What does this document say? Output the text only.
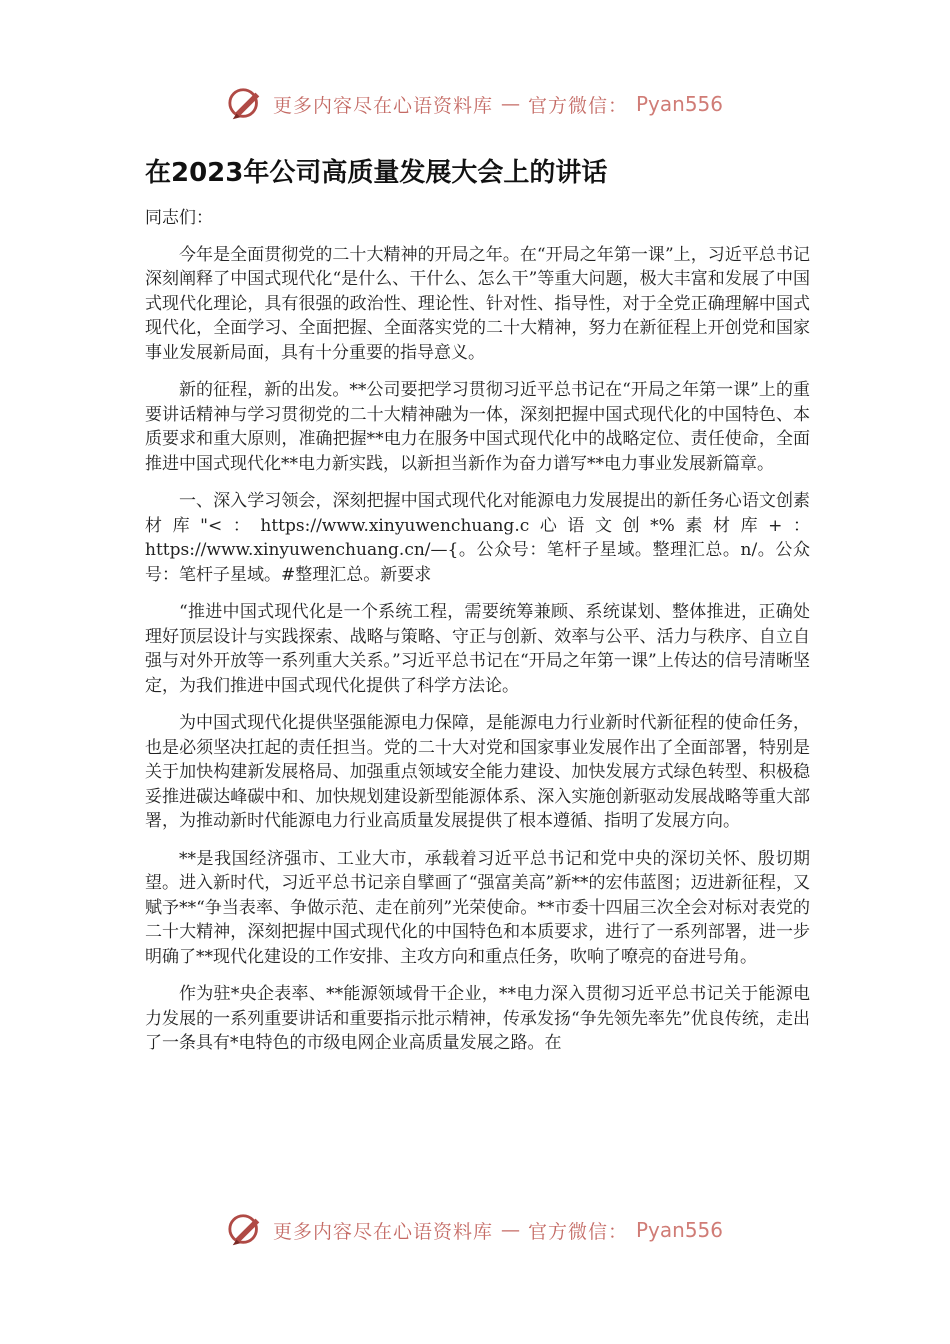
更多内容尽在心语资料库 — 官方微信： Pyan556
在2023年公司高质量发展大会上的讲话

同志们：

今年是全面贯彻党的二十大精神的开局之年。在“开局之年第一课”上，习近平总书记深刻阐释了中国式现代化“是什么、干什么、怎么干”等重大问题，极大丰富和发展了中国式现代化理论，具有很强的政治性、理论性、针对性、指导性，对于全党正确理解中国式现代化，全面学习、全面把握、全面落实党的二十大精神，努力在新征程上开创党和国家事业发展新局面，具有十分重要的指导意义。

新的征程，新的出发。**公司要把学习贯彻习近平总书记在“开局之年第一课”上的重要讲话精神与学习贯彻党的二十大精神融为一体，深刻把握中国式现代化的中国特色、本质要求和重大原则，准确把握**电力在服务中国式现代化中的战略定位、责任使命，全面推进中国式现代化**电力新实践，以新担当新作为奋力谱写**电力事业发展新篇章。

一、深入学习领会，深刻把握中国式现代化对能源电力发展提出的新任务心语文创素材库"<：https://www.xinyuwenchuang.c心语文创*%素材库+：https://www.xinyuwenchuang.cn/—{。公众号：笔杆子星域。整理汇总。n/。公众号：笔杆子星域。#整理汇总。新要求

“推进中国式现代化是一个系统工程，需要统筹兼顾、系统谋划、整体推进，正确处理好顶层设计与实践探索、战略与策略、守正与创新、效率与公平、活力与秩序、自立自强与对外开放等一系列重大关系。”习近平总书记在“开局之年第一课”上传达的信号清晰坚定，为我们推进中国式现代化提供了科学方法论。

为中国式现代化提供坚强能源电力保障，是能源电力行业新时代新征程的使命任务，也是必须坚决扛起的责任担当。党的二十大对党和国家事业发展作出了全面部署，特别是关于加快构建新发展格局、加强重点领域安全能力建设、加快发展方式绿色转型、积极稳妥推进碳达峰碳中和、加快规划建设新型能源体系、深入实施创新驱动发展战略等重大部署，为推动新时代能源电力行业高质量发展提供了根本遵循、指明了发展方向。

**是我国经济强市、工业大市，承载着习近平总书记和党中央的深切关怀、殷切期望。进入新时代，习近平总书记亲自擘画了“强富美高”新**的宏伟蓝图；迈进新征程，又赋予**“争当表率、争做示范、走在前列”光荣使命。**市委十四届三次全会对标对表党的二十大精神，深刻把握中国式现代化的中国特色和本质要求，进行了一系列部署，进一步明确了**现代化建设的工作安排、主攻方向和重点任务，吹响了嘹亮的奋进号角。

作为驻*央企表率、**能源领域骨干企业，**电力深入贯彻习近平总书记关于能源电力发展的一系列重要讲话和重要指示批示精神，传承发扬“争先领先率先”优良传统，走出了一条具有*电特色的市级电网企业高质量发展之路。在

更多内容尽在心语资料库 — 官方微信： Pyan556
